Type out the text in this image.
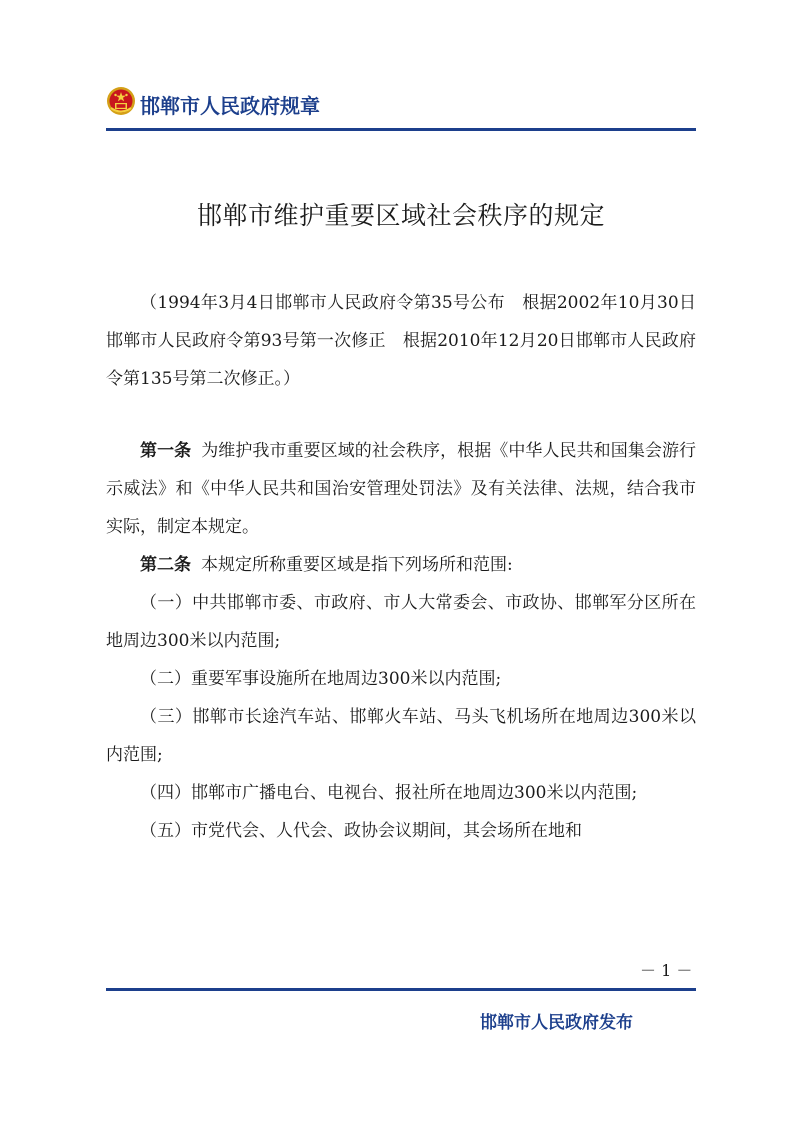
邯郸市人民政府规章
邯郸市维护重要区域社会秩序的规定

（1994年3月4日邯郸市人民政府令第35号公布　根据2002年10月30日邯郸市人民政府令第93号第一次修正　根据2010年12月20日邯郸市人民政府令第135号第二次修正。）

第一条 为维护我市重要区域的社会秩序，根据《中华人民共和国集会游行示威法》和《中华人民共和国治安管理处罚法》及有关法律、法规，结合我市实际，制定本规定。

第二条 本规定所称重要区域是指下列场所和范围:

（一）中共邯郸市委、市政府、市人大常委会、市政协、邯郸军分区所在地周边300米以内范围;

（二）重要军事设施所在地周边300米以内范围;

（三）邯郸市长途汽车站、邯郸火车站、马头飞机场所在地周边300米以内范围;

（四）邯郸市广播电台、电视台、报社所在地周边300米以内范围;

（五）市党代会、人代会、政协会议期间，其会场所在地和

－ 1 －
邯郸市人民政府发布
